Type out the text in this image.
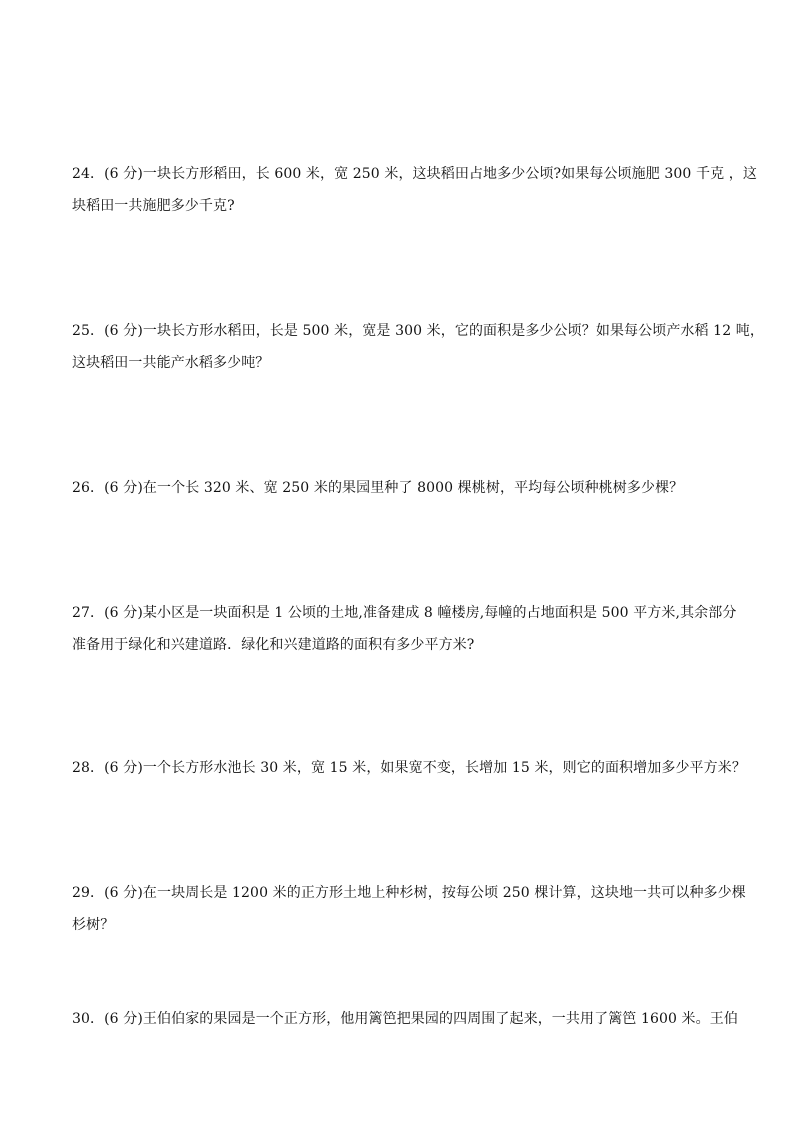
24．(6 分)一块长方形稻田，长 600 米，宽 250 米，这块稻田占地多少公顷?如果每公顷施肥 300 千克 ，这
块稻田一共施肥多少千克?
25．(6 分)一块长方形水稻田，长是 500 米，宽是 300 米，它的面积是多少公顷？如果每公顷产水稻 12 吨，
这块稻田一共能产水稻多少吨？
26．(6 分)在一个长 320 米、宽 250 米的果园里种了 8000 棵桃树，平均每公顷种桃树多少棵？
27．(6 分)某小区是一块面积是 1 公顷的土地,准备建成 8 幢楼房,每幢的占地面积是 500 平方米,其余部分
准备用于绿化和兴建道路．绿化和兴建道路的面积有多少平方米?
28．(6 分)一个长方形水池长 30 米，宽 15 米，如果宽不变，长增加 15 米，则它的面积增加多少平方米？
29．(6 分)在一块周长是 1200 米的正方形土地上种杉树，按每公顷 250 棵计算，这块地一共可以种多少棵
杉树？
30．(6 分)王伯伯家的果园是一个正方形，他用篱笆把果园的四周围了起来，一共用了篱笆 1600 米。王伯
